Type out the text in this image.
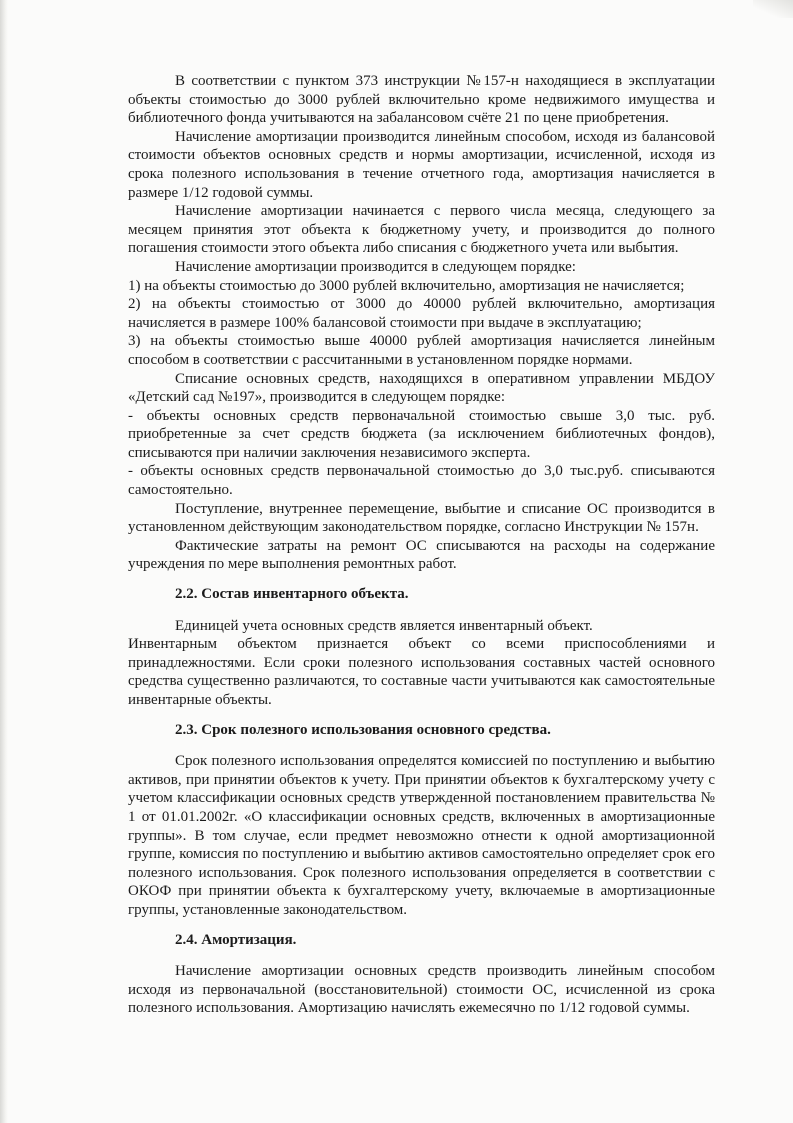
В соответствии с пунктом 373 инструкции №157-н находящиеся в эксплуатации объекты стоимостью до 3000 рублей включительно кроме недвижимого имущества и библиотечного фонда учитываются на забалансовом счёте 21 по цене приобретения.

Начисление амортизации производится линейным способом, исходя из балансовой стоимости объектов основных средств и нормы амортизации, исчисленной, исходя из срока полезного использования в течение отчетного года, амортизация начисляется в размере 1/12 годовой суммы.

Начисление амортизации начинается с первого числа месяца, следующего за месяцем принятия этот объекта к бюджетному учету, и производится до полного погашения стоимости этого объекта либо списания с бюджетного учета или выбытия.

Начисление амортизации производится в следующем порядке:

1) на объекты стоимостью до 3000 рублей включительно, амортизация не начисляется;

2) на объекты стоимостью от 3000 до 40000 рублей включительно, амортизация начисляется в размере 100% балансовой стоимости при выдаче в эксплуатацию;

3) на объекты стоимостью выше 40000 рублей амортизация начисляется линейным способом в соответствии с рассчитанными в установленном порядке нормами.

Списание основных средств, находящихся в оперативном управлении МБДОУ «Детский сад №197», производится в следующем порядке:

- объекты основных средств первоначальной стоимостью свыше 3,0 тыс. руб. приобретенные за счет средств бюджета (за исключением библиотечных фондов), списываются при наличии заключения независимого эксперта.

- объекты основных средств первоначальной стоимостью до 3,0 тыс.руб. списываются самостоятельно.

Поступление, внутреннее перемещение, выбытие и списание ОС производится в установленном действующим законодательством порядке, согласно Инструкции № 157н.

Фактические затраты на ремонт ОС списываются на расходы на содержание учреждения по мере выполнения ремонтных работ.

2.2. Состав инвентарного объекта.

Единицей учета основных средств является инвентарный объект.

Инвентарным объектом признается объект со всеми приспособлениями и принадлежностями. Если сроки полезного использования составных частей основного средства существенно различаются, то составные части учитываются как самостоятельные инвентарные объекты.

2.3. Срок полезного использования основного средства.

Срок полезного использования определятся комиссией по поступлению и выбытию активов, при принятии объектов к учету. При принятии объектов к бухгалтерскому учету с учетом классификации основных средств утвержденной постановлением правительства № 1 от 01.01.2002г. «О классификации основных средств, включенных в амортизационные группы». В том случае, если предмет невозможно отнести к одной амортизационной группе, комиссия по поступлению и выбытию активов самостоятельно определяет срок его полезного использования. Срок полезного использования определяется в соответствии с ОКОФ при принятии объекта к бухгалтерскому учету, включаемые в амортизационные группы, установленные законодательством.

2.4. Амортизация.

Начисление амортизации основных средств производить линейным способом исходя из первоначальной (восстановительной) стоимости ОС, исчисленной из срока полезного использования. Амортизацию начислять ежемесячно по 1/12 годовой суммы.
